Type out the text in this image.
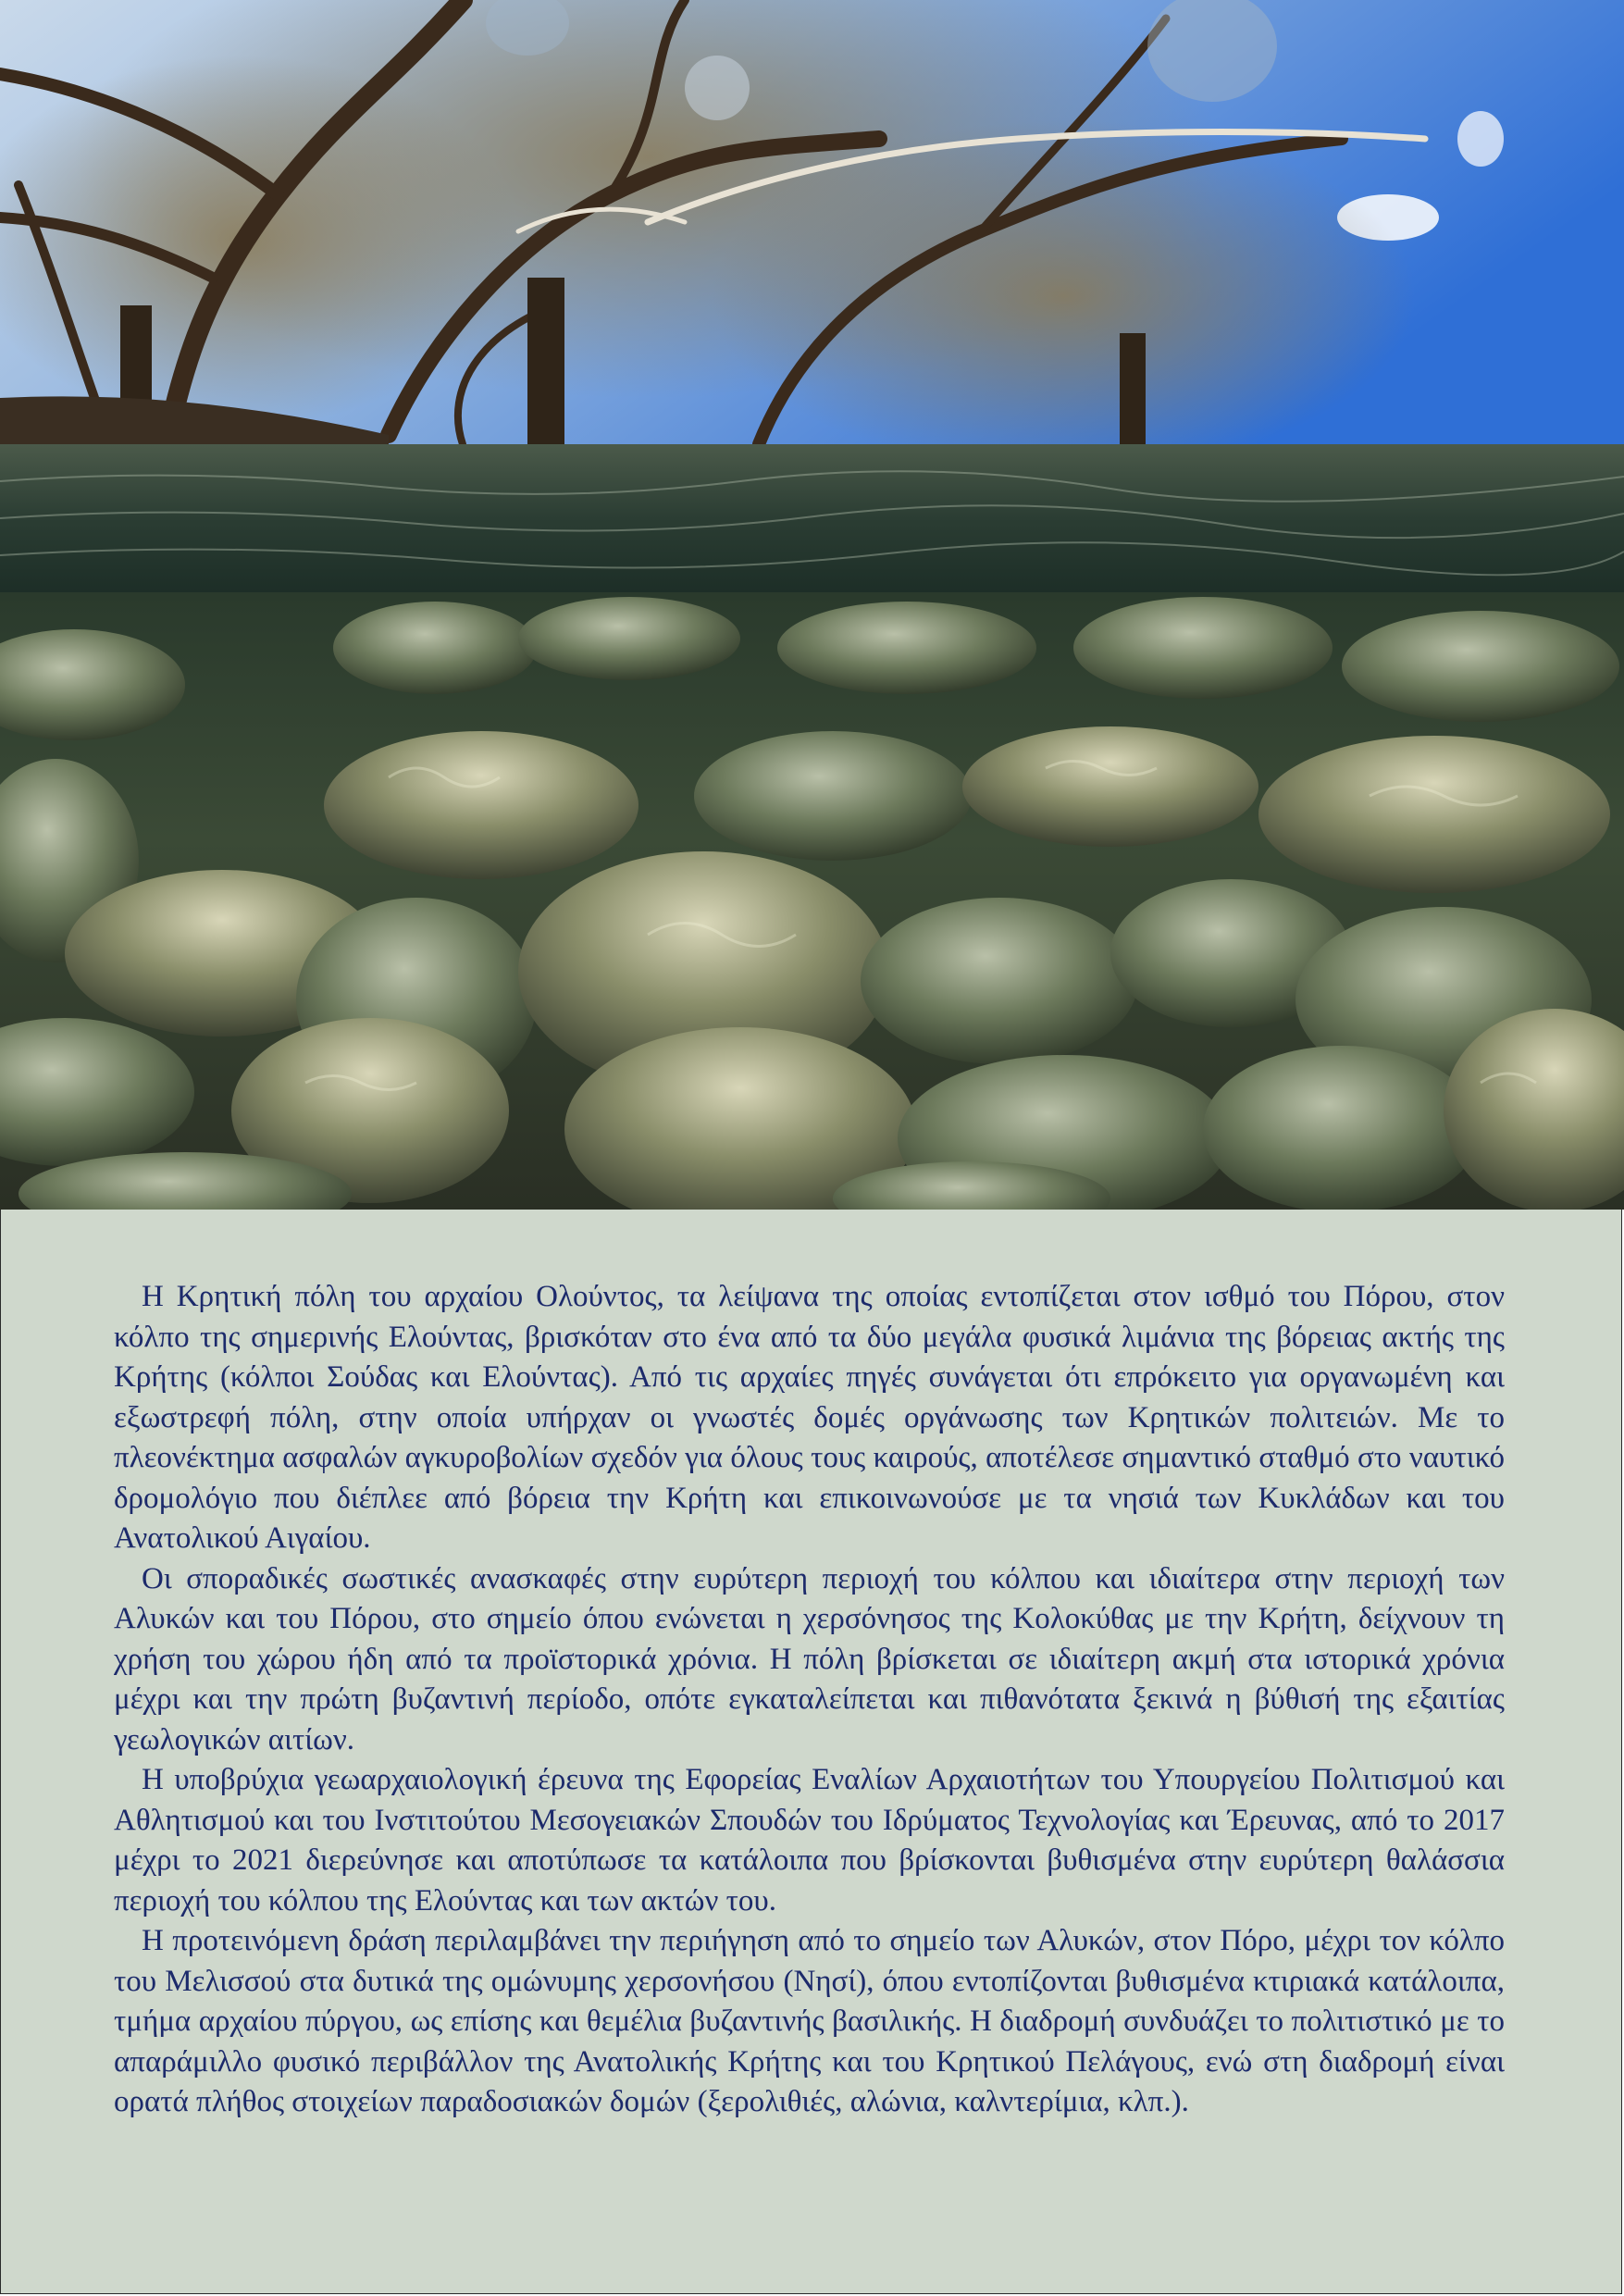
Η Κρητική πόλη του αρχαίου Ολούντος, τα λείψανα της οποίας εντοπίζεται στον ισθμό του Πόρου, στον κόλπο της σημερινής Ελούντας, βρισκόταν στο ένα από τα δύο μεγάλα φυσικά λιμάνια της βόρειας ακτής της Κρήτης (κόλποι Σούδας και Ελούντας). Από τις αρχαίες πηγές συνάγεται ότι επρόκειτο για οργανωμένη και εξωστρεφή πόλη, στην οποία υπήρχαν οι γνωστές δομές οργάνωσης των Κρητικών πολιτειών. Με το πλεονέκτημα ασφαλών αγκυροβολίων σχεδόν για όλους τους καιρούς, αποτέλεσε σημαντικό σταθμό στο ναυτικό δρομολόγιο που διέπλεε από βόρεια την Κρήτη και επικοινωνούσε με τα νησιά των Κυκλάδων και του Ανατολικού Αιγαίου.

Οι σποραδικές σωστικές ανασκαφές στην ευρύτερη περιοχή του κόλπου και ιδιαίτερα στην περιοχή των Αλυκών και του Πόρου, στο σημείο όπου ενώνεται η χερσόνησος της Κολοκύθας με την Κρήτη, δείχνουν τη χρήση του χώρου ήδη από τα προϊστορικά χρόνια. Η πόλη βρίσκεται σε ιδιαίτερη ακμή στα ιστορικά χρόνια μέχρι και την πρώτη βυζαντινή περίοδο, οπότε εγκαταλείπεται και πιθανότατα ξεκινά η βύθισή της εξαιτίας γεωλογικών αιτίων.

Η υποβρύχια γεωαρχαιολογική έρευνα της Εφορείας Εναλίων Αρχαιοτήτων του Υπουργείου Πολιτισμού και Αθλητισμού και του Ινστιτούτου Μεσογειακών Σπουδών του Ιδρύματος Τεχνολογίας και Έρευνας, από το 2017 μέχρι το 2021 διερεύνησε και αποτύπωσε τα κατάλοιπα που βρίσκονται βυθισμένα στην ευρύτερη θαλάσσια περιοχή του κόλπου της Ελούντας και των ακτών του.

Η προτεινόμενη δράση περιλαμβάνει την περιήγηση από το σημείο των Αλυκών, στον Πόρο, μέχρι τον κόλπο του Μελισσού στα δυτικά της ομώνυμης χερσονήσου (Νησί), όπου εντοπίζονται βυθισμένα κτιριακά κατάλοιπα, τμήμα αρχαίου πύργου, ως επίσης και θεμέλια βυζαντινής βασιλικής. Η διαδρομή συνδυάζει το πολιτιστικό με το απαράμιλλο φυσικό περιβάλλον της Ανατολικής Κρήτης και του Κρητικού Πελάγους, ενώ στη διαδρομή είναι ορατά πλήθος στοιχείων παραδοσιακών δομών (ξερολιθιές, αλώνια, καλντερίμια, κλπ.).
